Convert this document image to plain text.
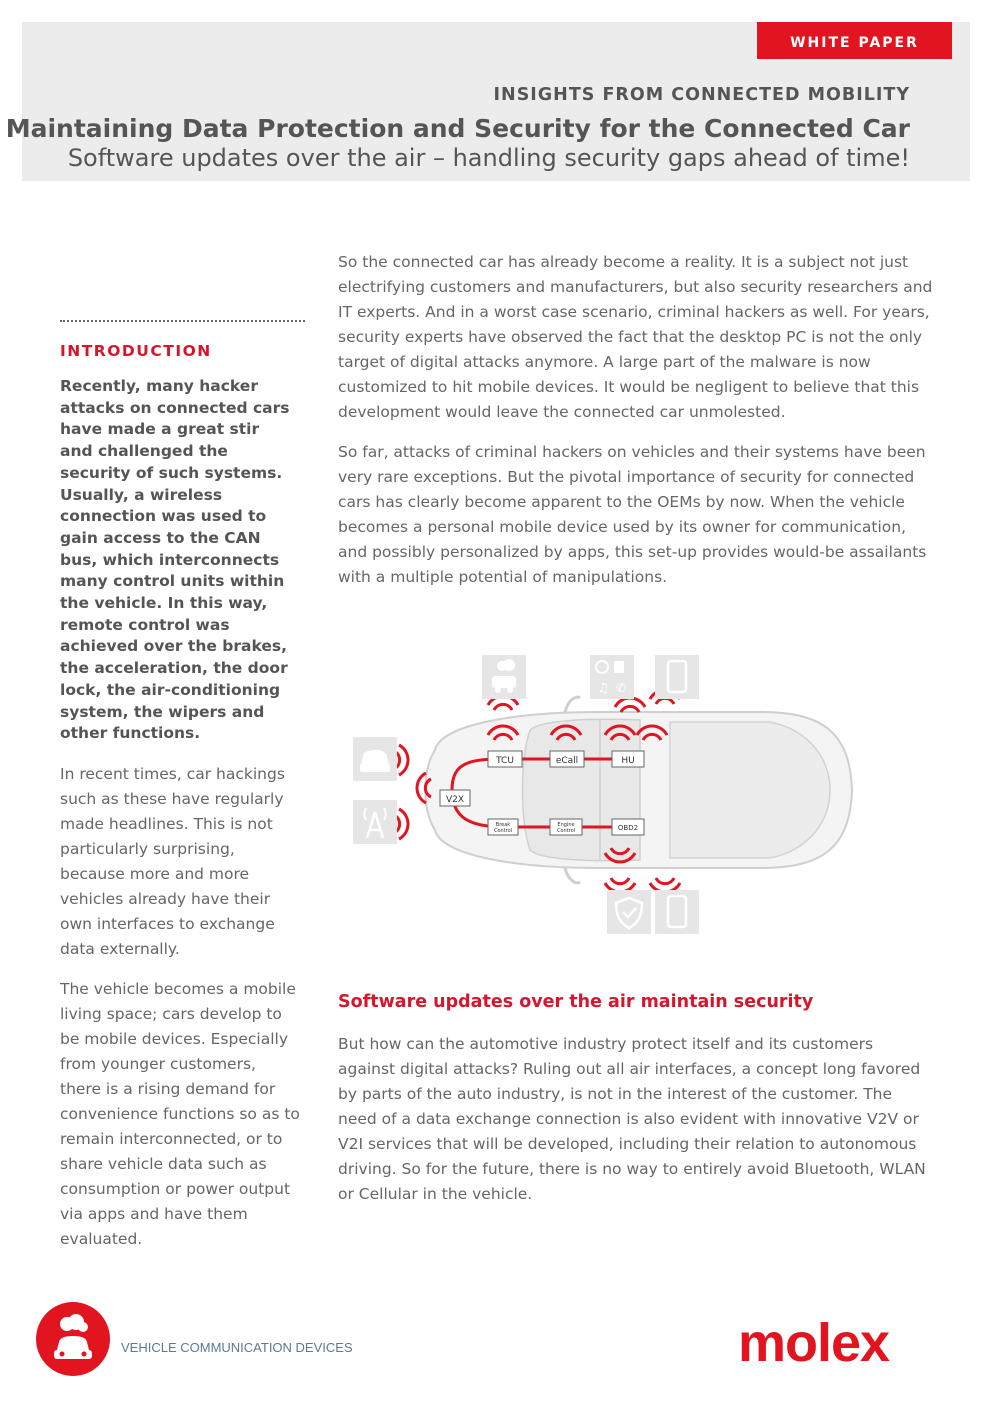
WHITE PAPER
INSIGHTS FROM CONNECTED MOBILITY
Maintaining Data Protection and Security for the Connected Car
Software updates over the air – handling security gaps ahead of time!
INTRODUCTION

Recently, many hacker attacks on connected cars have made a great stir and challenged the security of such systems. Usually, a wireless connection was used to gain access to the CAN bus, which interconnects many control units within the vehicle. In this way, remote control was achieved over the brakes, the acceleration, the door lock, the air-conditioning system, the wipers and other functions.

In recent times, car hackings such as these have regularly made headlines. This is not particularly surprising, because more and more vehicles already have their own interfaces to exchange data externally.

The vehicle becomes a mobile living space; cars develop to be mobile devices. Especially from younger customers, there is a rising demand for convenience functions so as to remain interconnected, or to share vehicle data such as consumption or power output via apps and have them evaluated.

So the connected car has already become a reality. It is a subject not just electrifying customers and manufacturers, but also security researchers and IT experts. And in a worst case scenario, criminal hackers as well. For years, security experts have observed the fact that the desktop PC is not the only target of digital attacks anymore. A large part of the malware is now customized to hit mobile devices. It would be negligent to believe that this development would leave the connected car unmolested.

So far, attacks of criminal hackers on vehicles and their systems have been very rare exceptions. But the pivotal importance of security for connected cars has clearly become apparent to the OEMs by now. When the vehicle becomes a personal mobile device used by its owner for communication, and possibly personalized by apps, this set-up provides would-be assailants with a multiple potential of manipulations.

TCU	eCall	HU
V2X
Break
Control
Engine
Control	OBD2
♫ ✆
Software updates over the air maintain security

But how can the automotive industry protect itself and its customers against digital attacks? Ruling out all air interfaces, a concept long favored by parts of the auto industry, is not in the interest of the customer. The need of a data exchange connection is also evident with innovative V2V or V2I services that will be developed, including their relation to autonomous driving. So for the future, there is no way to entirely avoid Bluetooth, WLAN or Cellular in the vehicle.

VEHICLE COMMUNICATION DEVICES	molex
